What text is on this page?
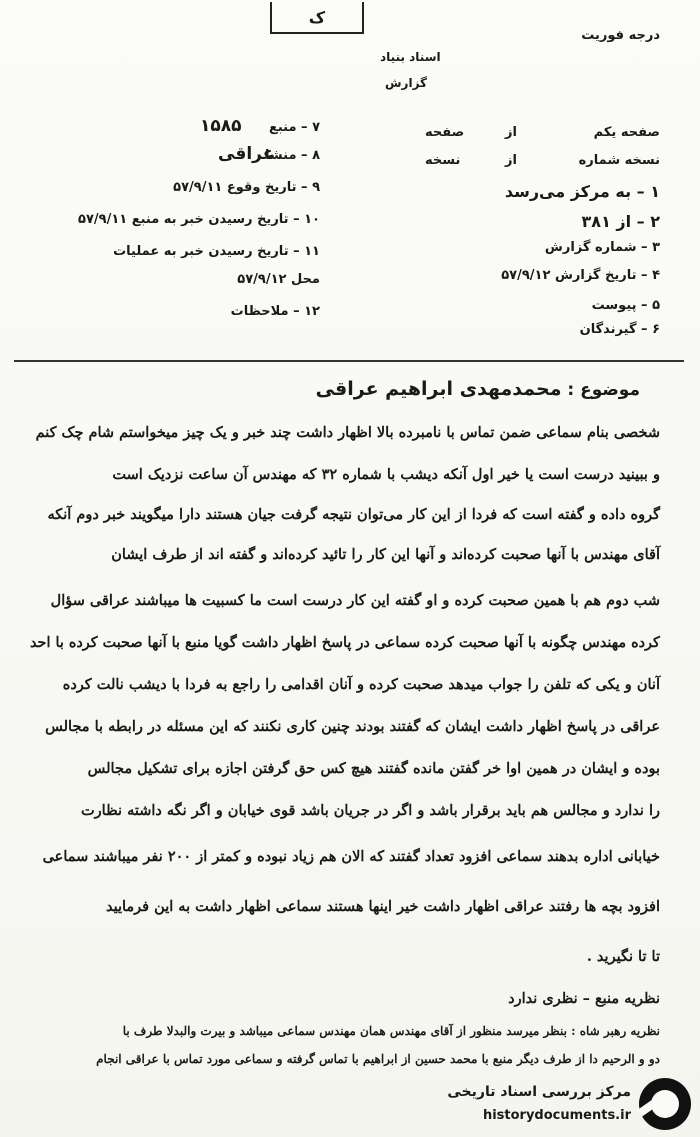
ک
درجه فوریت
اسناد بنیاد
گزارش
صفحه یکم
نسخه شماره
از
از
صفحه
نسخه
۷ – منبع
۱۵۸۵
۸ – منشا
عراقی
۹ – تاریخ وقوع ۵۷/۹/۱۱
۱۰ – تاریخ رسیدن خبر به منبع ۵۷/۹/۱۱
۱۱ – تاریخ رسیدن خبر به عملیات
محل ۵۷/۹/۱۲
۱۲ – ملاحظات
۱ – به مرکز می‌رسد
۲ – از ۳۸۱
۳ – شماره گزارش
۴ – تاریخ گزارش ۵۷/۹/۱۲
۵ – پیوست
۶ – گیرندگان
موضوع : محمدمهدی ابراهیم عراقی
شخصی بنام سماعی ضمن تماس با نامبرده بالا اظهار داشت چند خبر و یک چیز میخواستم شام چک کنم
و ببینید درست است یا خیر اول آنکه دیشب با شماره ۳۲ که مهندس آن ساعت نزدیک است
گروه داده و گفته است که فردا از این کار می‌توان نتیجه گرفت جیان هستند دارا میگویند خبر دوم آنکه
آقای مهندس با آنها صحبت کرده‌اند و آنها این کار را تائید کرده‌اند و گفته اند از طرف ایشان
شب دوم هم با همین صحبت کرده و او گفته این کار درست است ما کسبیت ها میباشند عراقی سؤال
کرده مهندس چگونه با آنها صحبت کرده سماعی در پاسخ اظهار داشت گویا منبع با آنها صحبت کرده با احد
آنان و یکی که تلفن را جواب میدهد صحبت کرده و آنان اقدامی را راجع به فردا با دیشب نالت کرده
عراقی در پاسخ اظهار داشت ایشان که گفتند بودند چنین کاری نکنند که این مسئله در رابطه با مجالس
بوده و ایشان در همین اوا خر گفتن مانده گفتند هیچ کس حق گرفتن اجازه برای تشکیل مجالس
را ندارد و مجالس هم باید برقرار باشد و اگر در جریان باشد قوی خیابان و اگر نگه داشته نظارت
خیابانی اداره بدهند سماعی افزود تعداد گفتند که الان هم زیاد نبوده و کمتر از ۲۰۰ نفر میباشند سماعی
افزود بچه ها رفتند عراقی اظهار داشت خیر اینها هستند سماعی اظهار داشت به این فرمایید
تا تا نگیرید .
نظریه منبع – نظری ندارد
نظریه رهبر شاه : بنظر میرسد منظور از آقای مهندس همان مهندس سماعی میباشد و بیرت والبدلا طرف با
دو و الرحیم دا از طرف دیگر منبع با محمد حسین از ابراهیم با تماس گرفته و سماعی مورد تماس با عراقی انجام
مرکز بررسی اسناد تاریخی
historydocuments.ir
